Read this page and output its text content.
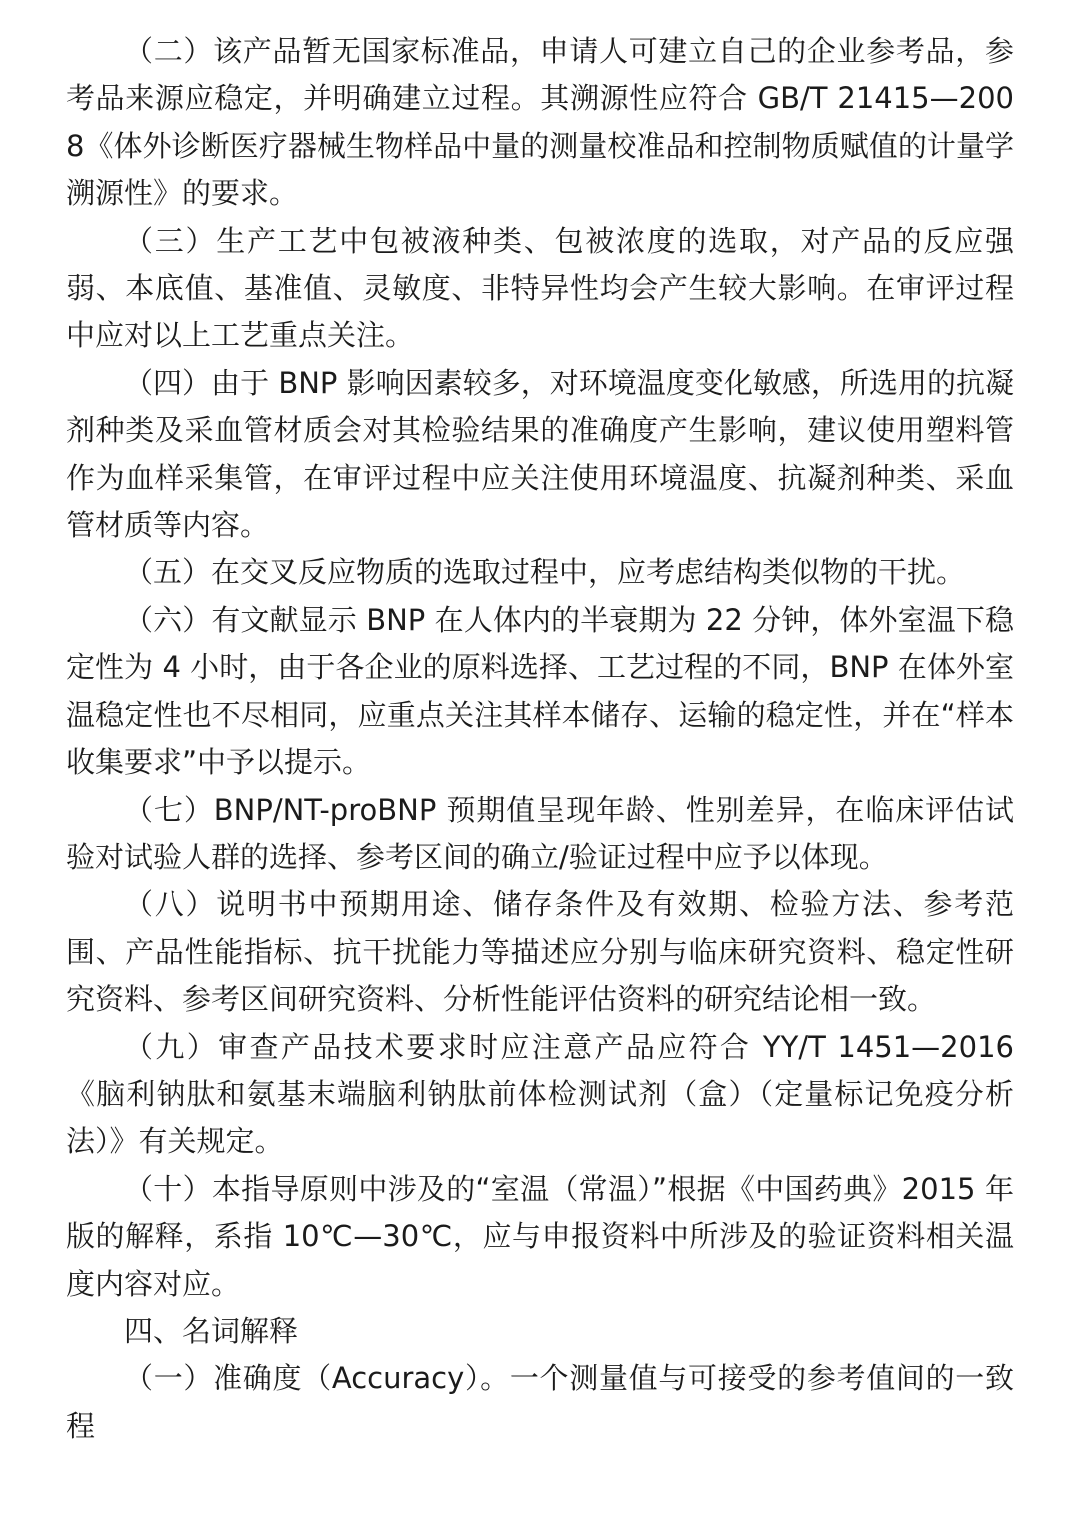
（二）该产品暂无国家标准品，申请人可建立自己的企业参考品，参考品来源应稳定，并明确建立过程。其溯源性应符合 GB/T 21415—2008《体外诊断医疗器械生物样品中量的测量校准品和控制物质赋值的计量学溯源性》的要求。

（三）生产工艺中包被液种类、包被浓度的选取，对产品的反应强弱、本底值、基准值、灵敏度、非特异性均会产生较大影响。在审评过程中应对以上工艺重点关注。

（四）由于 BNP 影响因素较多，对环境温度变化敏感，所选用的抗凝剂种类及采血管材质会对其检验结果的准确度产生影响，建议使用塑料管作为血样采集管，在审评过程中应关注使用环境温度、抗凝剂种类、采血管材质等内容。

（五）在交叉反应物质的选取过程中，应考虑结构类似物的干扰。

（六）有文献显示 BNP 在人体内的半衰期为 22 分钟，体外室温下稳定性为 4 小时，由于各企业的原料选择、工艺过程的不同，BNP 在体外室温稳定性也不尽相同，应重点关注其样本储存、运输的稳定性，并在“样本收集要求”中予以提示。

（七）BNP/NT-proBNP 预期值呈现年龄、性别差异，在临床评估试验对试验人群的选择、参考区间的确立/验证过程中应予以体现。

（八）说明书中预期用途、储存条件及有效期、检验方法、参考范围、产品性能指标、抗干扰能力等描述应分别与临床研究资料、稳定性研究资料、参考区间研究资料、分析性能评估资料的研究结论相一致。

（九）审查产品技术要求时应注意产品应符合 YY/T 1451—2016《脑利钠肽和氨基末端脑利钠肽前体检测试剂（盒）（定量标记免疫分析法）》有关规定。

（十）本指导原则中涉及的“室温（常温）”根据《中国药典》2015 年版的解释，系指 10℃—30℃，应与申报资料中所涉及的验证资料相关温度内容对应。

四、名词解释

（一）准确度（Accuracy）。一个测量值与可接受的参考值间的一致程
